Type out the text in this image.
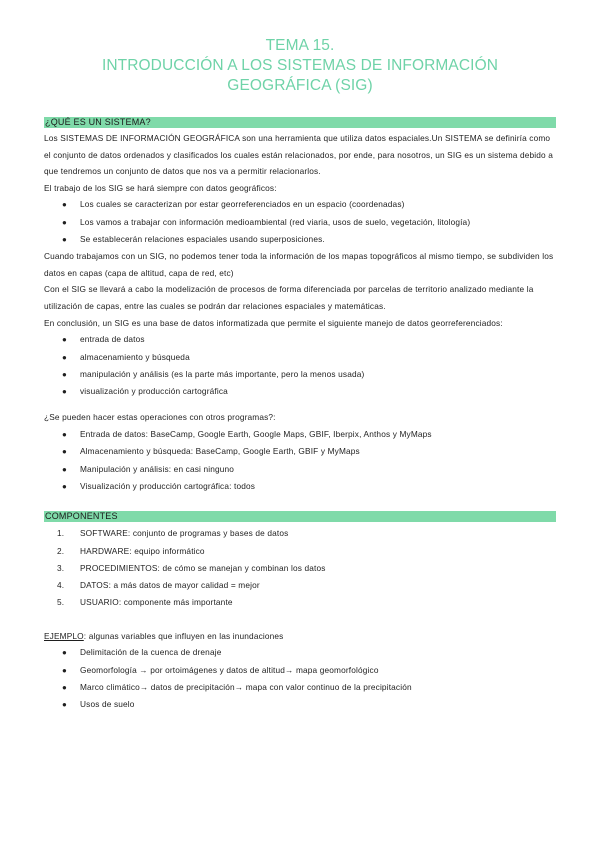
TEMA 15.
INTRODUCCIÓN A LOS SISTEMAS DE INFORMACIÓN
GEOGRÁFICA (SIG)
¿QUÉ ES UN SISTEMA?

Los SISTEMAS DE INFORMACIÓN GEOGRÁFICA son una herramienta que utiliza datos espaciales.Un SISTEMA se definiría como el conjunto de datos ordenados y clasificados los cuales están relacionados, por ende, para nosotros, un SIG es un sistema debido a que tendremos un conjunto de datos que nos va a permitir relacionarlos.

El trabajo de los SIG se hará siempre con datos geográficos:

● Los cuales se caracterizan por estar georreferenciados en un espacio (coordenadas)
● Los vamos a trabajar con información medioambiental (red viaria, usos de suelo, vegetación, litología)
● Se establecerán relaciones espaciales usando superposiciones.

Cuando trabajamos con un SIG, no podemos tener toda la información de los mapas topográficos al mismo tiempo, se subdividen los datos en capas (capa de altitud, capa de red, etc)

Con el SIG se llevará a cabo la modelización de procesos de forma diferenciada por parcelas de territorio analizado mediante la utilización de capas, entre las cuales se podrán dar relaciones espaciales y matemáticas.

En conclusión, un SIG es una base de datos informatizada que permite el siguiente manejo de datos georreferenciados:

● entrada de datos
● almacenamiento y búsqueda
● manipulación y análisis (es la parte más importante, pero la menos usada)
● visualización y producción cartográfica

¿Se pueden hacer estas operaciones con otros programas?:

● Entrada de datos: BaseCamp, Google Earth, Google Maps, GBIF, Iberpix, Anthos y MyMaps
● Almacenamiento y búsqueda: BaseCamp, Google Earth, GBIF y MyMaps
● Manipulación y análisis: en casi ninguno
● Visualización y producción cartográfica: todos
COMPONENTES
1. SOFTWARE: conjunto de programas y bases de datos
2. HARDWARE: equipo informático
3. PROCEDIMIENTOS: de cómo se manejan y combinan los datos
4. DATOS: a más datos de mayor calidad = mejor
5. USUARIO: componente más importante

EJEMPLO: algunas variables que influyen en las inundaciones

● Delimitación de la cuenca de drenaje
● Geomorfología → por ortoimágenes y datos de altitud→ mapa geomorfológico
● Marco climático→ datos de precipitación→ mapa con valor continuo de la precipitación
● Usos de suelo
